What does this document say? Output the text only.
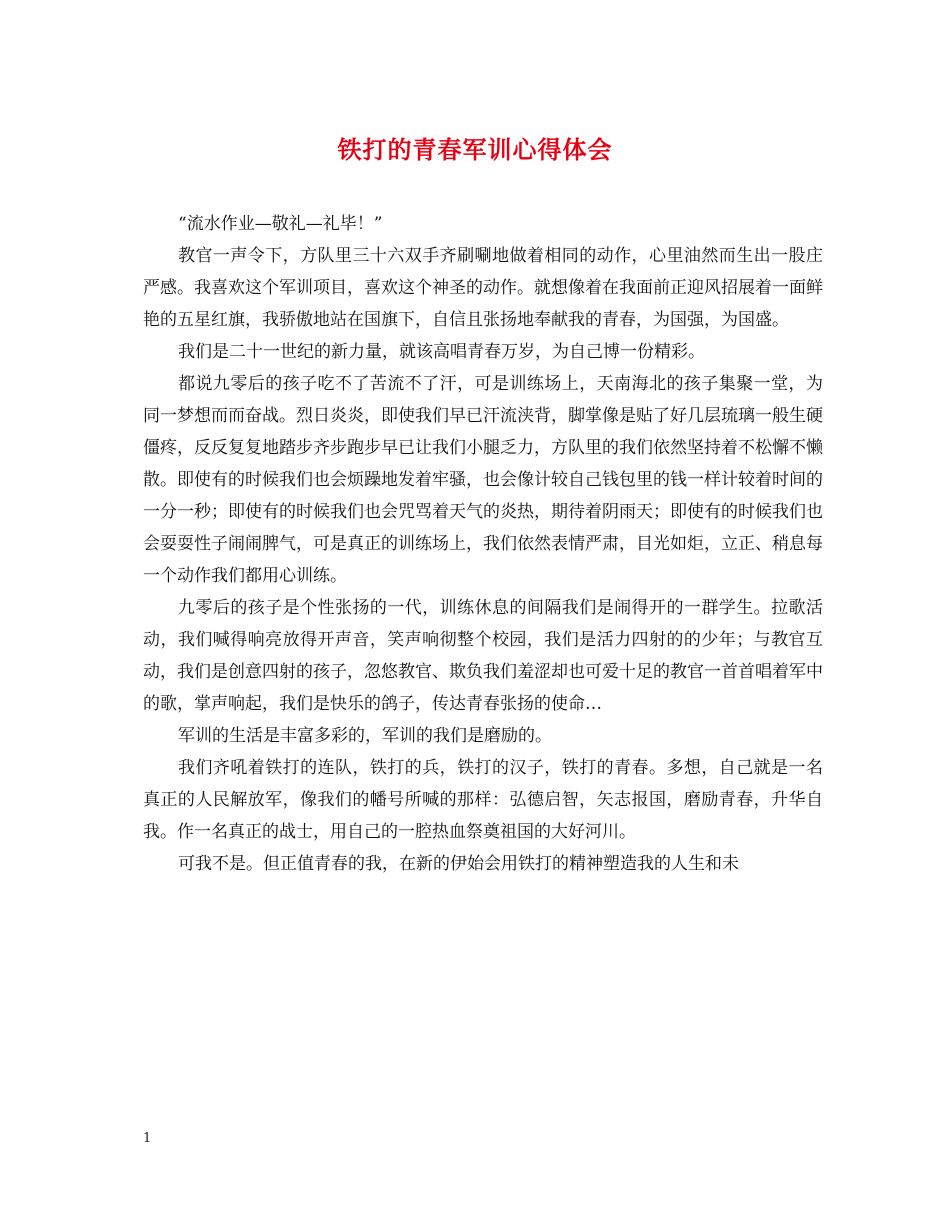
铁打的青春军训心得体会

“流水作业—敬礼—礼毕！”

教官一声令下，方队里三十六双手齐刷唰地做着相同的动作，心里油然而生出一股庄严感。我喜欢这个军训项目，喜欢这个神圣的动作。就想像着在我面前正迎风招展着一面鲜艳的五星红旗，我骄傲地站在国旗下，自信且张扬地奉献我的青春，为国强，为国盛。

我们是二十一世纪的新力量，就该高唱青春万岁，为自己博一份精彩。

都说九零后的孩子吃不了苦流不了汗，可是训练场上，天南海北的孩子集聚一堂，为同一梦想而而奋战。烈日炎炎，即使我们早已汗流浃背，脚掌像是贴了好几层琉璃一般生硬僵疼，反反复复地踏步齐步跑步早已让我们小腿乏力，方队里的我们依然坚持着不松懈不懒散。即使有的时候我们也会烦躁地发着牢骚，也会像计较自己钱包里的钱一样计较着时间的一分一秒；即使有的时候我们也会咒骂着天气的炎热，期待着阴雨天；即使有的时候我们也会耍耍性子闹闹脾气，可是真正的训练场上，我们依然表情严肃，目光如炬，立正、稍息每一个动作我们都用心训练。

九零后的孩子是个性张扬的一代，训练休息的间隔我们是闹得开的一群学生。拉歌活动，我们喊得响亮放得开声音，笑声响彻整个校园，我们是活力四射的的少年；与教官互动，我们是创意四射的孩子，忽悠教官、欺负我们羞涩却也可爱十足的教官一首首唱着军中的歌，掌声响起，我们是快乐的鸽子，传达青春张扬的使命…

军训的生活是丰富多彩的，军训的我们是磨励的。

我们齐吼着铁打的连队，铁打的兵，铁打的汉子，铁打的青春。多想，自己就是一名真正的人民解放军，像我们的幡号所喊的那样：弘德启智，矢志报国，磨励青春，升华自我。作一名真正的战士，用自己的一腔热血祭奠祖国的大好河川。

可我不是。但正值青春的我，在新的伊始会用铁打的精神塑造我的人生和未

1
